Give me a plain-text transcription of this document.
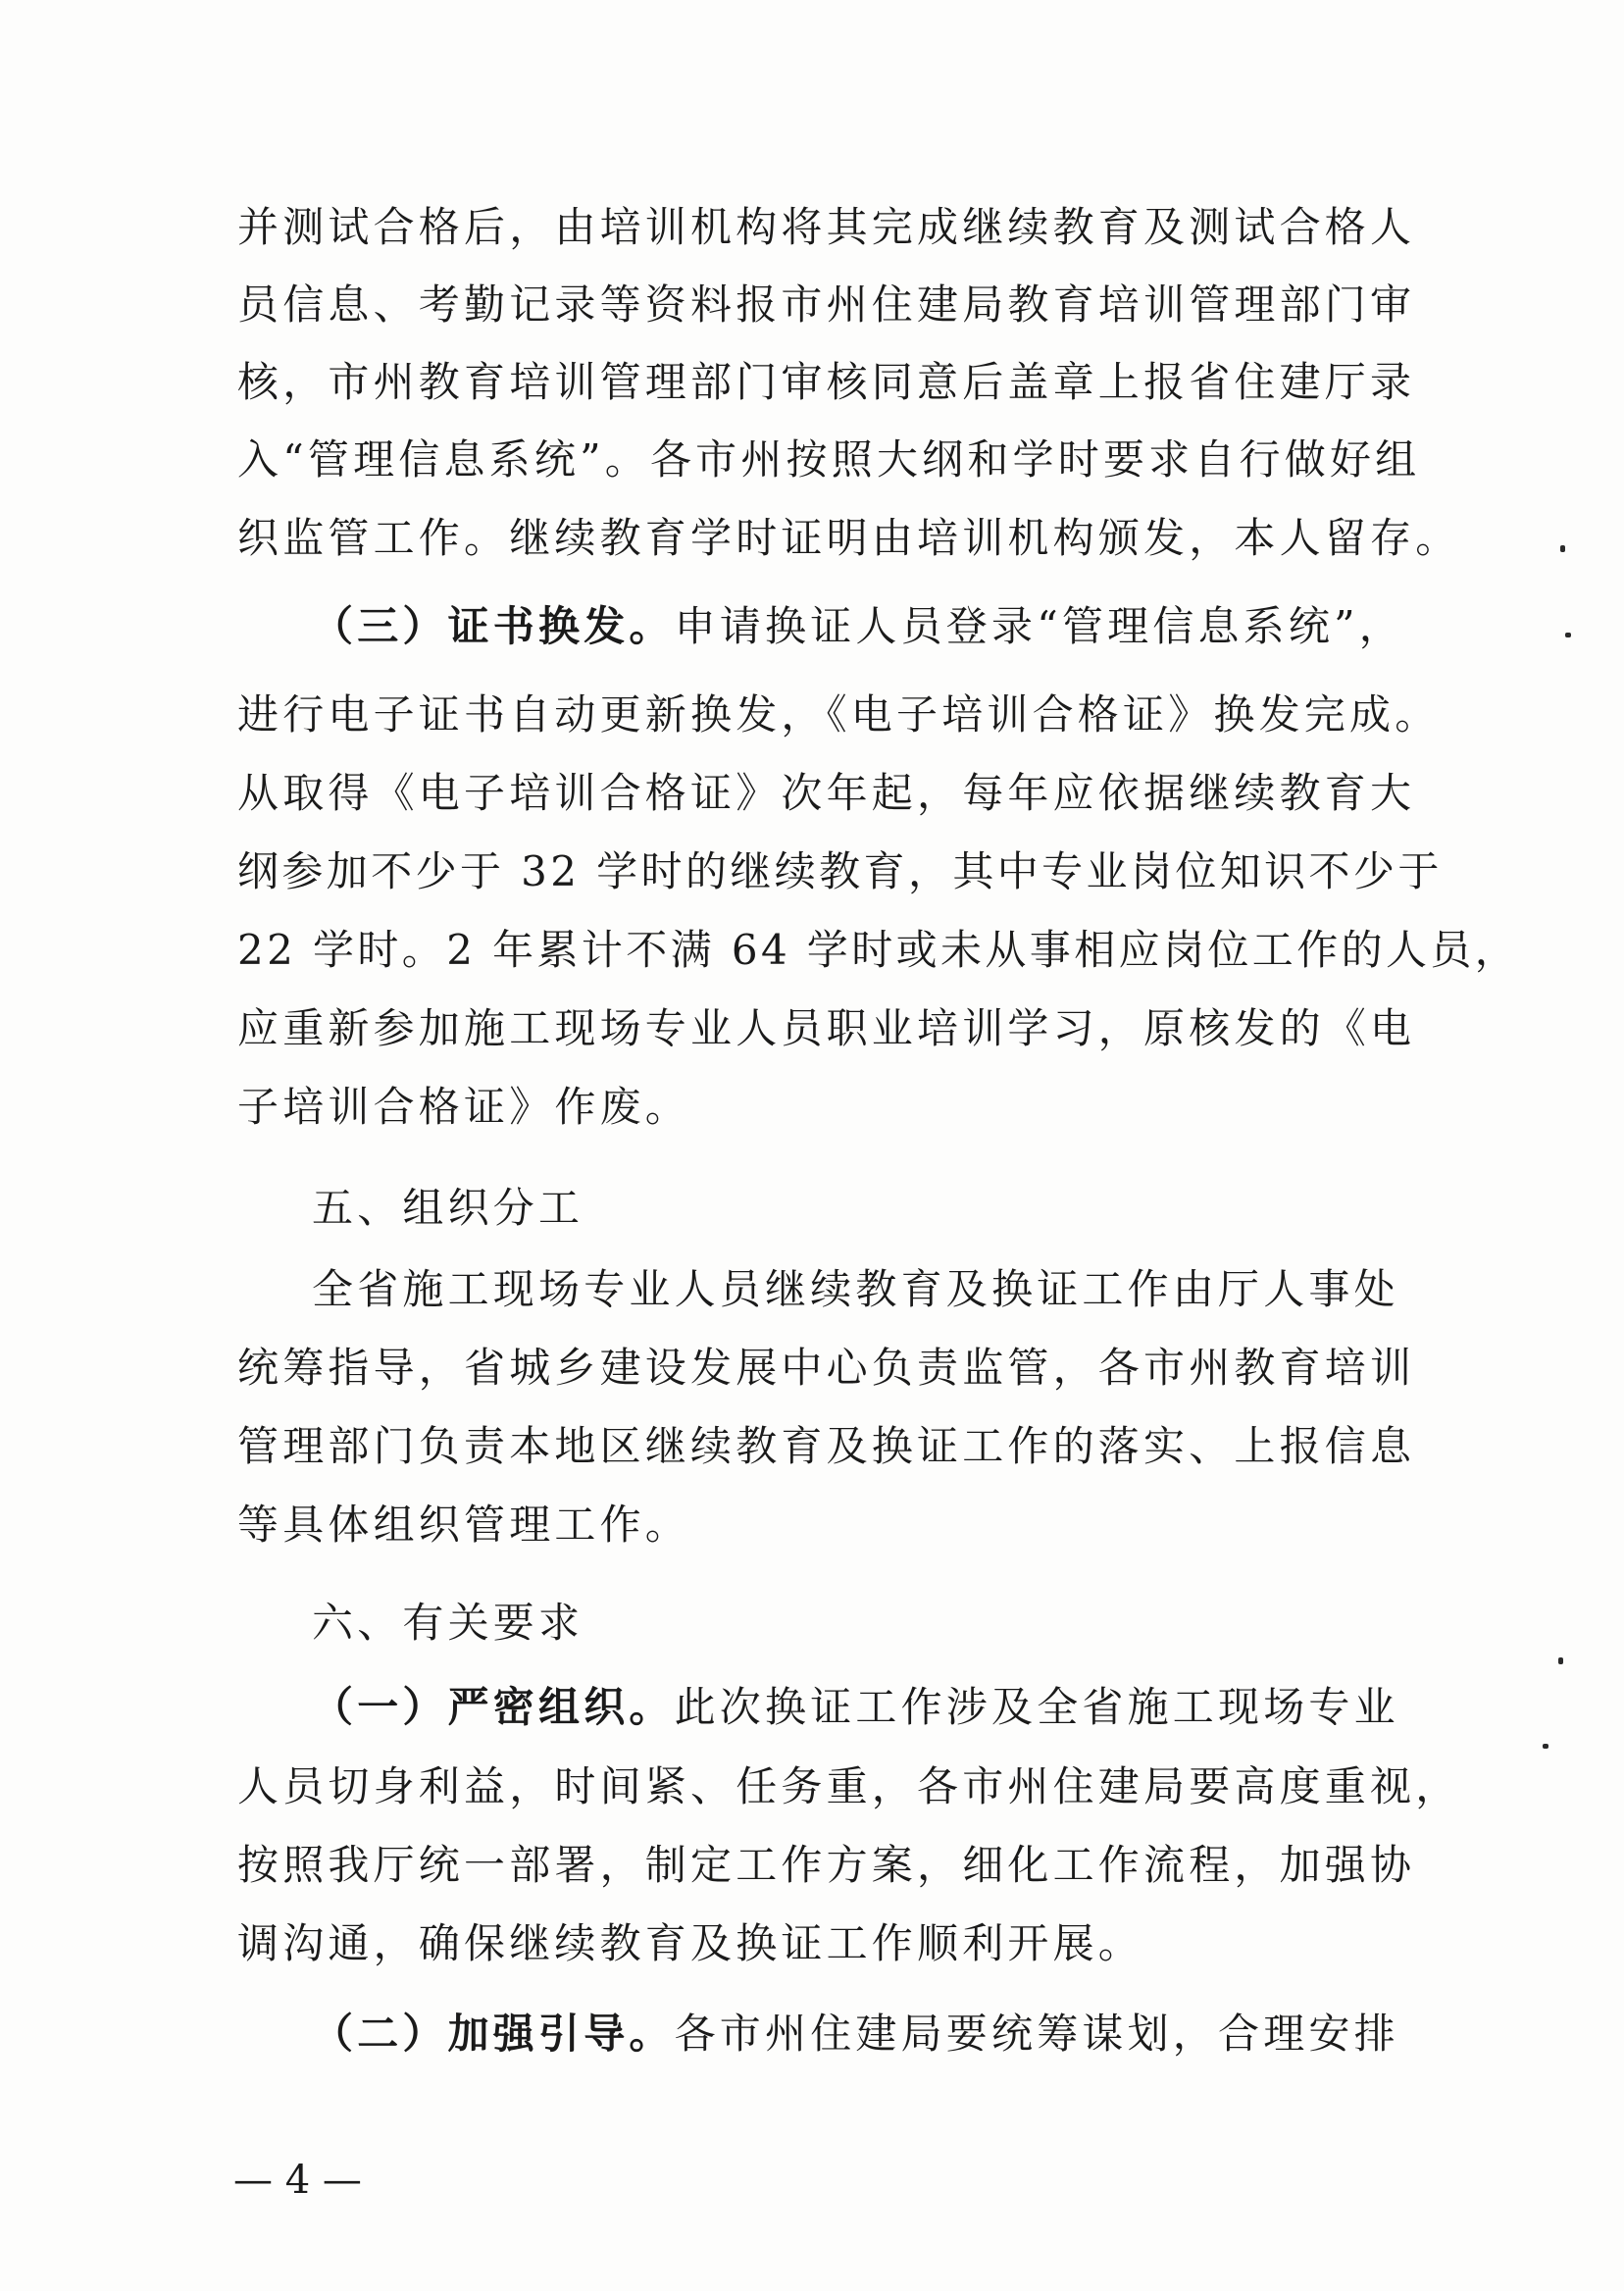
并测试合格后，由培训机构将其完成继续教育及测试合格人
员信息、考勤记录等资料报市州住建局教育培训管理部门审
核，市州教育培训管理部门审核同意后盖章上报省住建厅录
入“管理信息系统”。各市州按照大纲和学时要求自行做好组
织监管工作。继续教育学时证明由培训机构颁发，本人留存。
（三）证书换发。申请换证人员登录“管理信息系统”，
进行电子证书自动更新换发，《电子培训合格证》换发完成。
从取得《电子培训合格证》次年起，每年应依据继续教育大
纲参加不少于 32 学时的继续教育，其中专业岗位知识不少于
22 学时。2 年累计不满 64 学时或未从事相应岗位工作的人员，
应重新参加施工现场专业人员职业培训学习，原核发的《电
子培训合格证》作废。
五、组织分工
全省施工现场专业人员继续教育及换证工作由厅人事处
统筹指导，省城乡建设发展中心负责监管，各市州教育培训
管理部门负责本地区继续教育及换证工作的落实、上报信息
等具体组织管理工作。
六、有关要求
（一）严密组织。此次换证工作涉及全省施工现场专业
人员切身利益，时间紧、任务重，各市州住建局要高度重视，
按照我厅统一部署，制定工作方案，细化工作流程，加强协
调沟通，确保继续教育及换证工作顺利开展。
（二）加强引导。各市州住建局要统筹谋划，合理安排
— 4 —
